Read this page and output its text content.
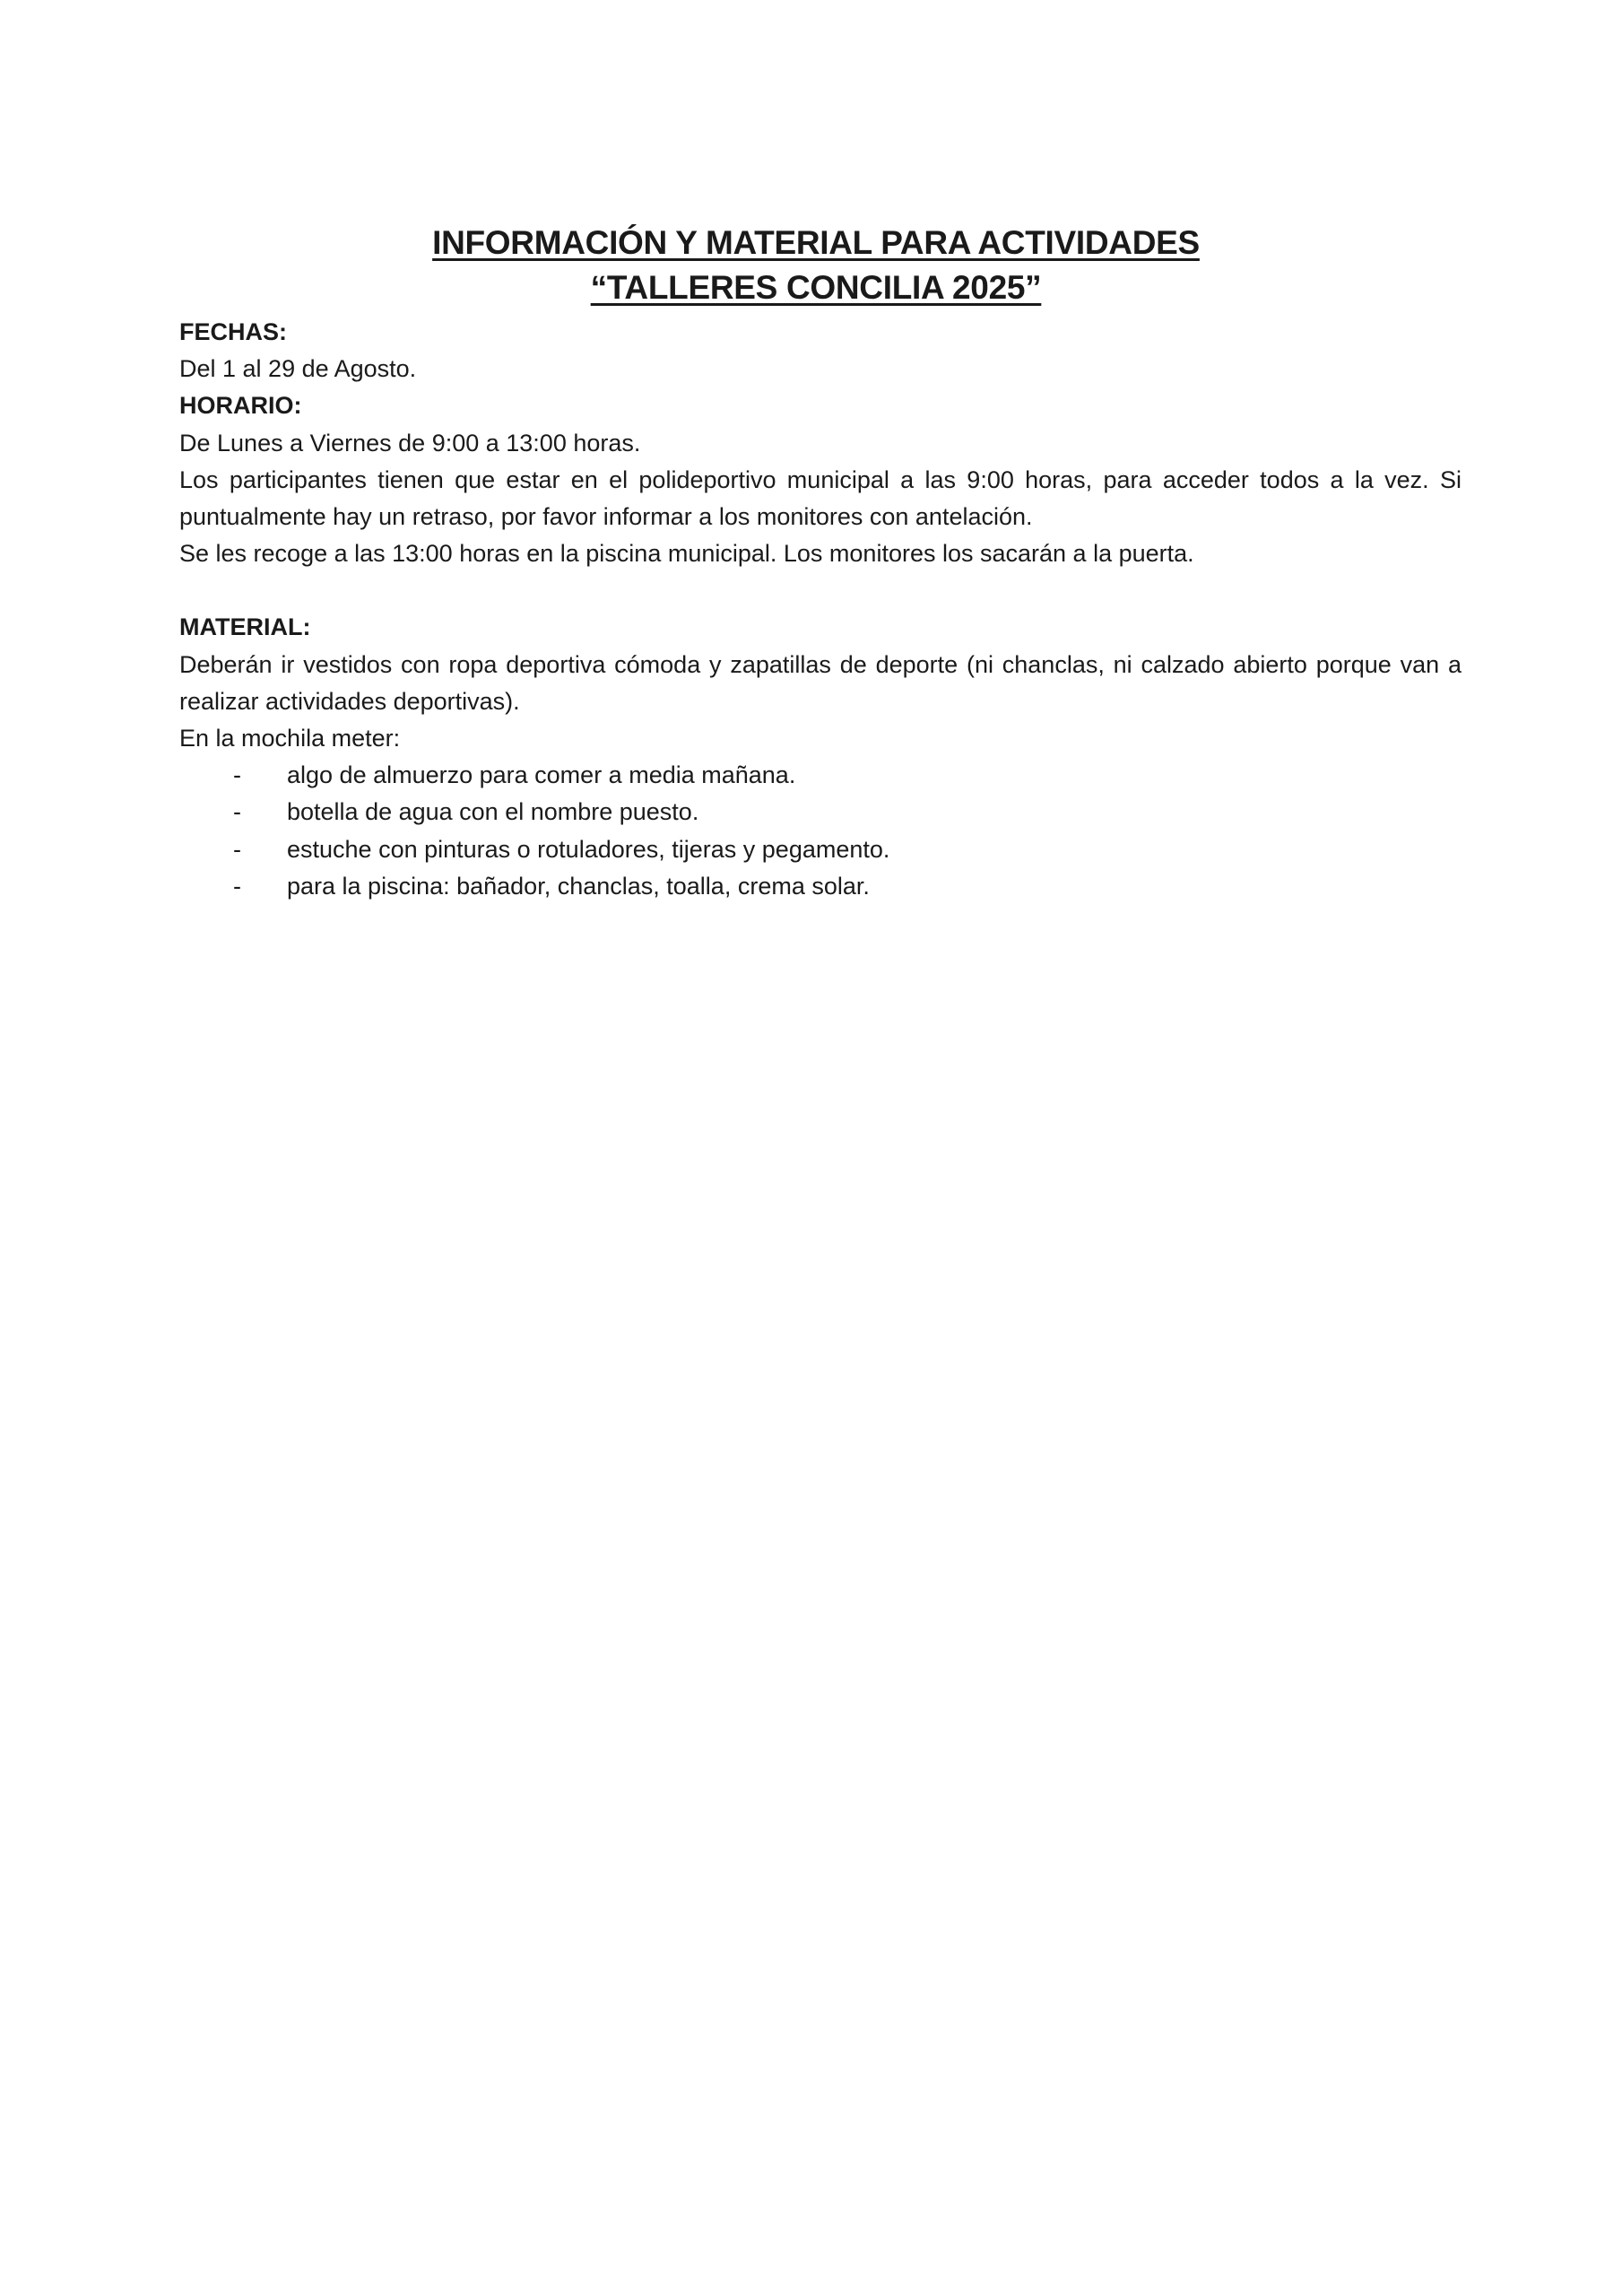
INFORMACIÓN Y MATERIAL PARA ACTIVIDADES
“TALLERES CONCILIA 2025”

FECHAS:

Del 1 al 29 de Agosto.

HORARIO:

De Lunes a Viernes de 9:00 a 13:00 horas.

Los participantes tienen que estar en el polideportivo municipal a las 9:00 horas, para acceder todos a la vez. Si puntualmente hay un retraso, por favor informar a los monitores con antelación.

Se les recoge a las 13:00 horas en la piscina municipal. Los monitores los sacarán a la puerta.

MATERIAL:

Deberán ir vestidos con ropa deportiva cómoda y zapatillas de deporte (ni chanclas, ni calzado abierto porque van a realizar actividades deportivas).

En la mochila meter:

- algo de almuerzo para comer a media mañana.
- botella de agua con el nombre puesto.
- estuche con pinturas o rotuladores, tijeras y pegamento.
- para la piscina: bañador, chanclas, toalla, crema solar.
